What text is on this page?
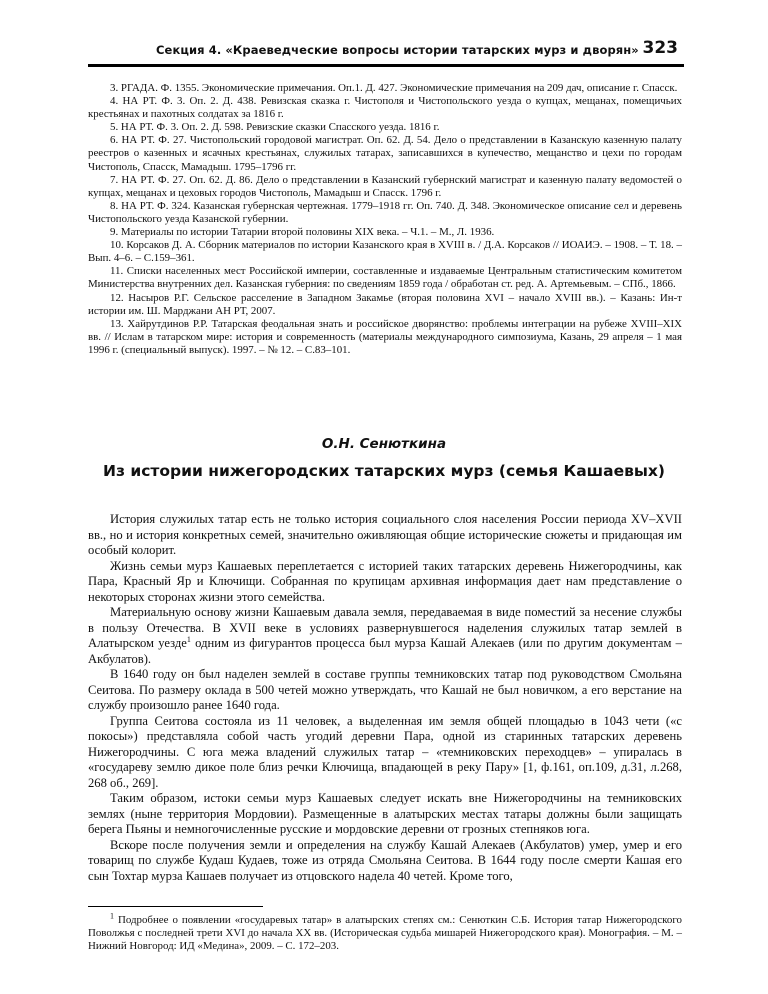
Секция 4. «Краеведческие вопросы истории татарских мурз и дворян» 323
3. РГАДА. Ф. 1355. Экономические примечания. Оп.1. Д. 427. Экономические примечания на 209 дач, описание г. Спасск.
4. НА РТ. Ф. 3. Оп. 2. Д. 438. Ревизская сказка г. Чистополя и Чистопольского уезда о купцах, мещанах, помещичьих крестьянах и пахотных солдатах за 1816 г.
5. НА РТ. Ф. 3. Оп. 2. Д. 598. Ревизские сказки Спасского уезда. 1816 г.
6. НА РТ. Ф. 27. Чистопольский городовой магистрат. Оп. 62. Д. 54. Дело о представлении в Казанскую казенную палату реестров о казенных и ясачных крестьянах, служилых татарах, записавшихся в купечество, мещанство и цехи по городам Чистополь, Спасск, Мамадыш. 1795–1796 гг.
7. НА РТ. Ф. 27. Оп. 62. Д. 86. Дело о представлении в Казанский губернский магистрат и казенную палату ведомостей о купцах, мещанах и цеховых городов Чистополь, Мамадыш и Спасск. 1796 г.
8. НА РТ. Ф. 324. Казанская губернская чертежная. 1779–1918 гг. Оп. 740. Д. 348. Экономическое описание сел и деревень Чистопольского уезда Казанской губернии.
9. Материалы по истории Татарии второй половины XIX века. – Ч.1. – М., Л. 1936.
10. Корсаков Д. А. Сборник материалов по истории Казанского края в XVIII в. / Д.А. Корсаков // ИОАИЭ. – 1908. – Т. 18. – Вып. 4–6. – С.159–361.
11. Списки населенных мест Российской империи, составленные и издаваемые Центральным статистическим комитетом Министерства внутренних дел. Казанская губерния: по сведениям 1859 года / обработан ст. ред. А. Артемьевым. – СПб., 1866.
12. Насыров Р.Г. Сельское расселение в Западном Закамье (вторая половина XVI – начало XVIII вв.). – Казань: Ин-т истории им. Ш. Марджани АН РТ, 2007.
13. Хайрутдинов Р.Р. Татарская феодальная знать и российское дворянство: проблемы интеграции на рубеже XVIII–XIX вв. // Ислам в татарском мире: история и современность (материалы международного симпозиума, Казань, 29 апреля – 1 мая 1996 г. (специальный выпуск). 1997. – № 12. – С.83–101.
О.Н. Сенюткина
Из истории нижегородских татарских мурз (семья Кашаевых)

История служилых татар есть не только история социального слоя населения России периода XV–XVII вв., но и история конкретных семей, значительно оживляющая общие исторические сюжеты и придающая им особый колорит.

Жизнь семьи мурз Кашаевых переплетается с историей таких татарских деревень Нижегородчины, как Пара, Красный Яр и Ключищи. Собранная по крупицам архивная информация дает нам представление о некоторых сторонах жизни этого семейства.

Материальную основу жизни Кашаевым давала земля, передаваемая в виде поместий за несение службы в пользу Отечества. В XVII веке в условиях развернувшегося наделения служилых татар землей в Алатырском уезде$^1$ одним из фигурантов процесса был мурза Кашай Алекаев (или по другим документам – Акбулатов).

В 1640 году он был наделен землей в составе группы темниковских татар под руководством Смольяна Сеитова. По размеру оклада в 500 четей можно утверждать, что Кашай не был новичком, а его верстание на службу произошло ранее 1640 года.

Группа Сеитова состояла из 11 человек, а выделенная им земля общей площадью в 1043 чети («с покосы») представляла собой часть угодий деревни Пара, одной из старинных татарских деревень Нижегородчины. С юга межа владений служилых татар – «темниковских переходцев» – упиралась в «государеву землю дикое поле близ речки Ключища, впадающей в реку Пару» [1, ф.161, оп.109, д.31, л.268, 268 об., 269].

Таким образом, истоки семьи мурз Кашаевых следует искать вне Нижегородчины на темниковских землях (ныне территория Мордовии). Размещенные в алатырских местах татары должны были защищать берега Пьяны и немногочисленные русские и мордовские деревни от грозных степняков юга.

Вскоре после получения земли и определения на службу Кашай Алекаев (Акбулатов) умер, умер и его товарищ по службе Кудаш Кудаев, тоже из отряда Смольяна Сеитова. В 1644 году после смерти Кашая его сын Тохтар мурза Кашаев получает из отцовского надела 40 четей. Кроме того,

$^1$ Подробнее о появлении «государевых татар» в алатырских степях см.: Сенюткин С.Б. История татар Нижегородского Поволжья с последней трети XVI до начала XX вв. (Историческая судьба мишарей Нижегородского края). Монография. – М. – Нижний Новгород: ИД «Медина», 2009. – С. 172–203.
